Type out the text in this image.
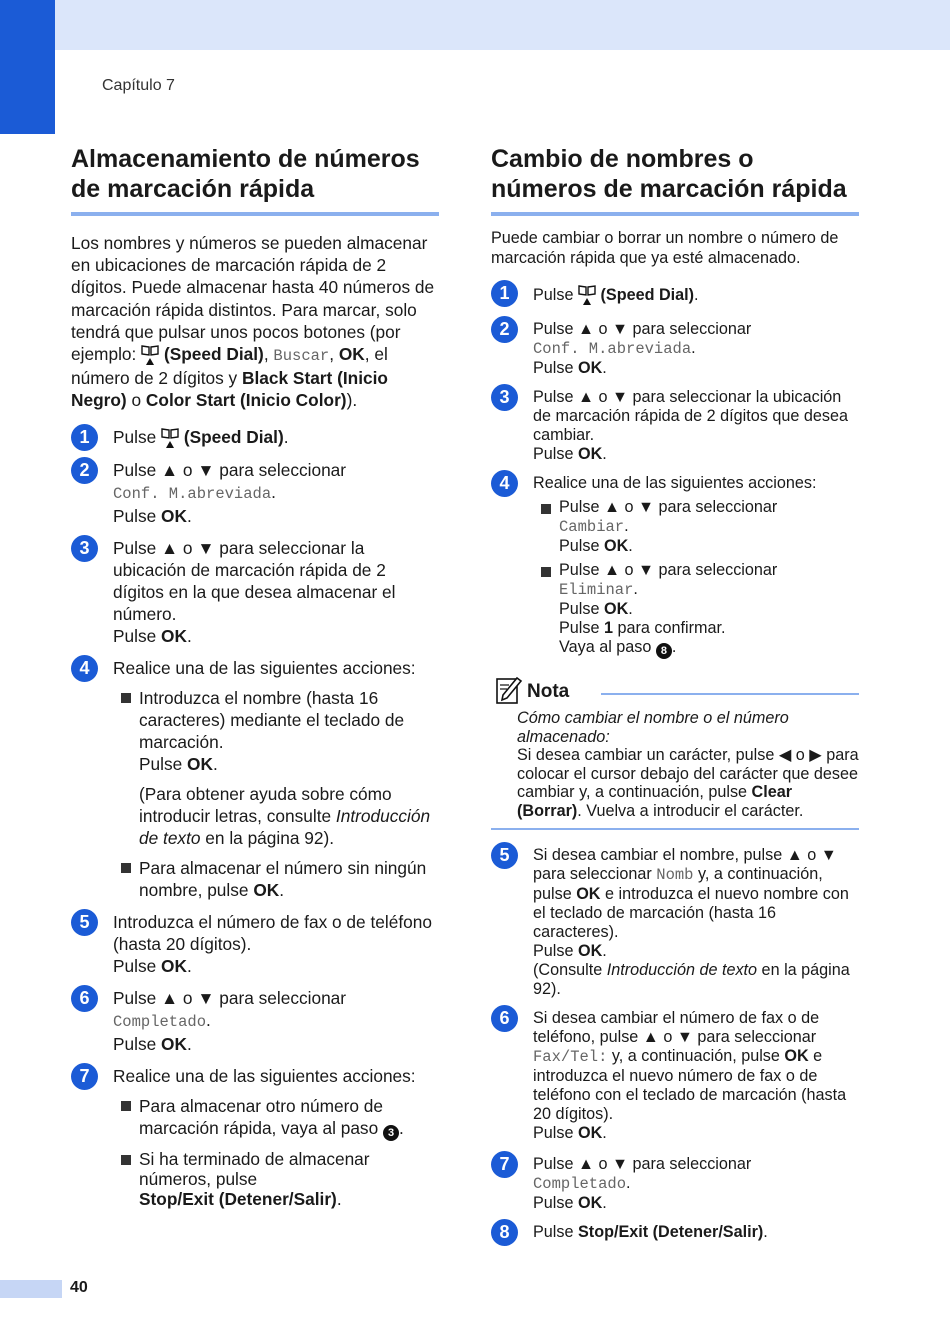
Capítulo 7
Almacenamiento de números de marcación rápida

Los nombres y números se pueden almacenar en ubicaciones de marcación rápida de 2 dígitos. Puede almacenar hasta 40 números de marcación rápida distintos. Para marcar, solo tendrá que pulsar unos pocos botones (por ejemplo:  (Speed Dial), Buscar, OK, el número de 2 dígitos y Black Start (Inicio Negro) o Color Start (Inicio Color)).

1	Pulse  (Speed Dial).
2	Pulse ▲ o ▼ para seleccionar
Conf. M.abreviada.
Pulse OK.
3	Pulse ▲ o ▼ para seleccionar la ubicación de marcación rápida de 2 dígitos en la que desea almacenar el número.
Pulse OK.
4	Realice una de las siguientes acciones:
Introduzca el nombre (hasta 16 caracteres) mediante el teclado de marcación.
Pulse OK.
(Para obtener ayuda sobre cómo introducir letras, consulte Introducción de texto en la página 92).
Para almacenar el número sin ningún nombre, pulse OK.
5	Introduzca el número de fax o de teléfono (hasta 20 dígitos).
Pulse OK.
6	Pulse ▲ o ▼ para seleccionar
Completado.
Pulse OK.
7	Realice una de las siguientes acciones:
Para almacenar otro número de marcación rápida, vaya al paso 3 .
Si ha terminado de almacenar números, pulse
Stop/Exit (Detener/Salir).
Cambio de nombres o números de marcación rápida

Puede cambiar o borrar un nombre o número de marcación rápida que ya esté almacenado.

1	Pulse  (Speed Dial).
2	Pulse ▲ o ▼ para seleccionar
Conf. M.abreviada.
Pulse OK.
3	Pulse ▲ o ▼ para seleccionar la ubicación de marcación rápida de 2 dígitos que desea cambiar.
Pulse OK.
4	Realice una de las siguientes acciones:
Pulse ▲ o ▼ para seleccionar
Cambiar.
Pulse OK.
Pulse ▲ o ▼ para seleccionar
Eliminar.
Pulse OK.
Pulse 1 para confirmar.
Vaya al paso 8 .
Nota
Cómo cambiar el nombre o el número almacenado:
Si desea cambiar un carácter, pulse ◀ o ▶ para colocar el cursor debajo del carácter que desee cambiar y, a continuación, pulse Clear (Borrar). Vuelva a introducir el carácter.
5	Si desea cambiar el nombre, pulse ▲ o ▼ para seleccionar Nomb y, a continuación, pulse OK e introduzca el nuevo nombre con el teclado de marcación (hasta 16 caracteres).
Pulse OK.
(Consulte Introducción de texto en la página 92).
6	Si desea cambiar el número de fax o de teléfono, pulse ▲ o ▼ para seleccionar Fax/Tel: y, a continuación, pulse OK e introduzca el nuevo número de fax o de teléfono con el teclado de marcación (hasta 20 dígitos).
Pulse OK.
7	Pulse ▲ o ▼ para seleccionar
Completado.
Pulse OK.
8	Pulse Stop/Exit (Detener/Salir).
40
